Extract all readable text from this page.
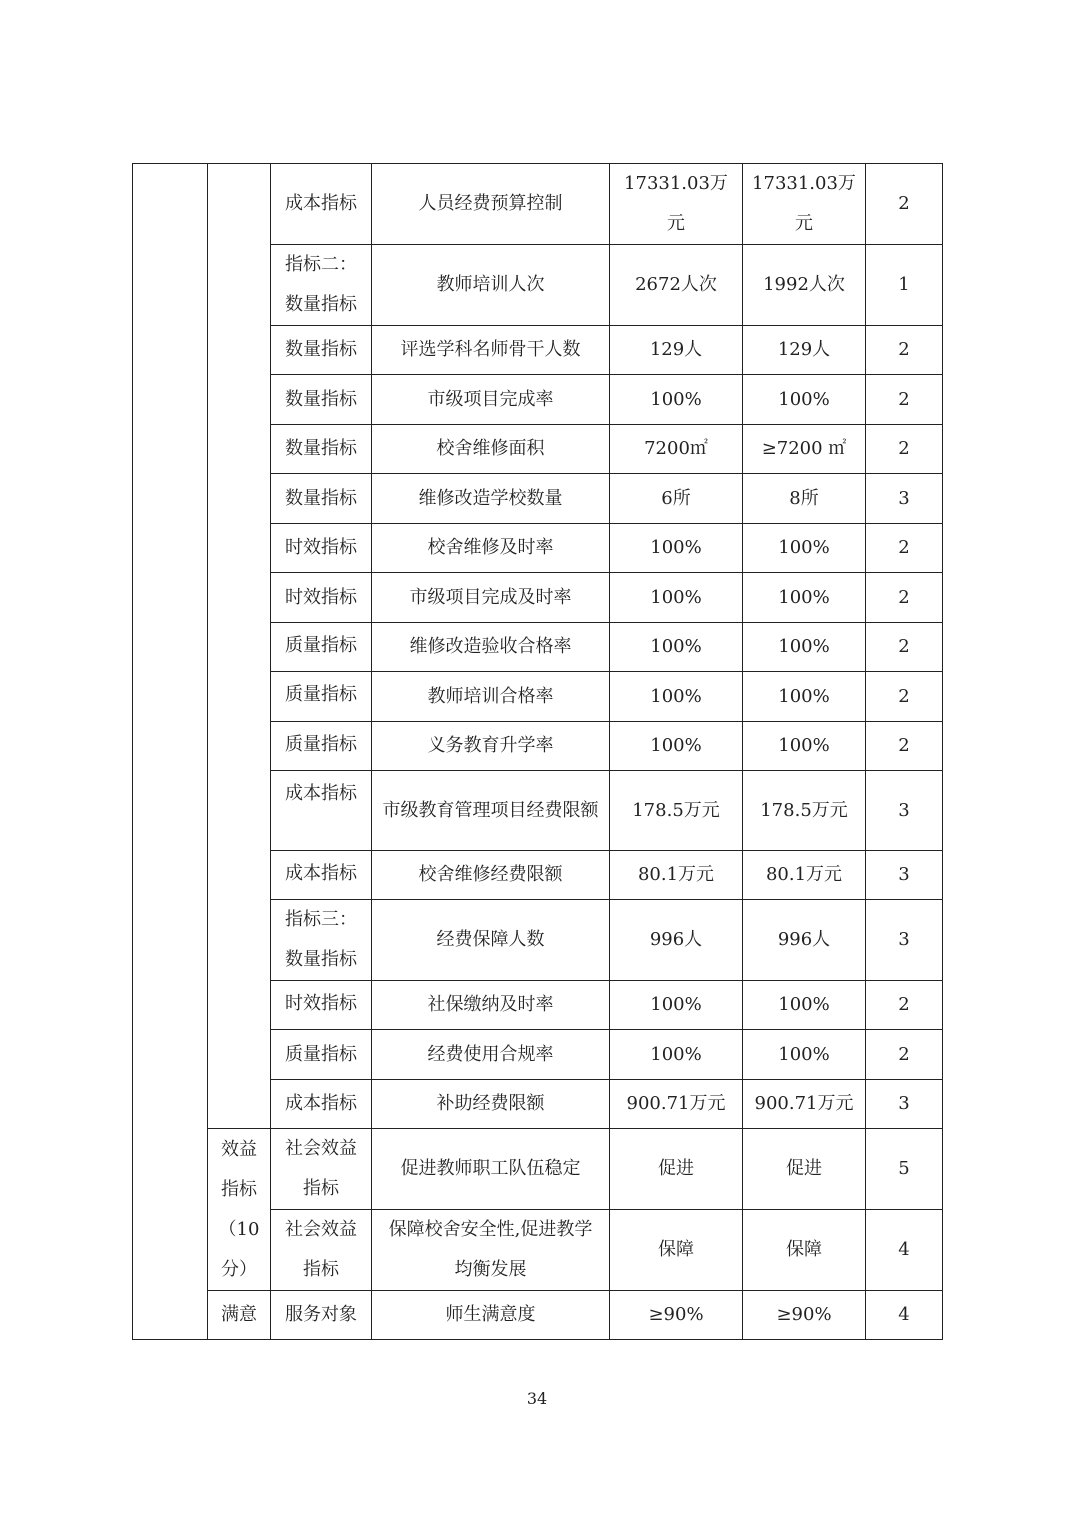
		成本指标	人员经费预算控制	17331.03万元	17331.03万元	2
		指标二：数量指标	教师培训人次	2672人次	1992人次	1
		数量指标	评选学科名师骨干人数	129人	129人	2
		数量指标	市级项目完成率	100%	100%	2
		数量指标	校舍维修面积	7200㎡	≥7200 ㎡	2
		数量指标	维修改造学校数量	6所	8所	3
		时效指标	校舍维修及时率	100%	100%	2
		时效指标	市级项目完成及时率	100%	100%	2
		质量指标	维修改造验收合格率	100%	100%	2
		质量指标	教师培训合格率	100%	100%	2
		质量指标	义务教育升学率	100%	100%	2
		成本指标	市级教育管理项目经费限额	178.5万元	178.5万元	3
		成本指标	校舍维修经费限额	80.1万元	80.1万元	3
		指标三：数量指标	经费保障人数	996人	996人	3
		时效指标	社保缴纳及时率	100%	100%	2
		质量指标	经费使用合规率	100%	100%	2
		成本指标	补助经费限额	900.71万元	900.71万元	3
	效益指标（10分）	社会效益指标	促进教师职工队伍稳定	促进	促进	5
		社会效益指标	保障校舍安全性,促进教学均衡发展	保障	保障	4
	满意	服务对象	师生满意度	≥90%	≥90%	4
34
